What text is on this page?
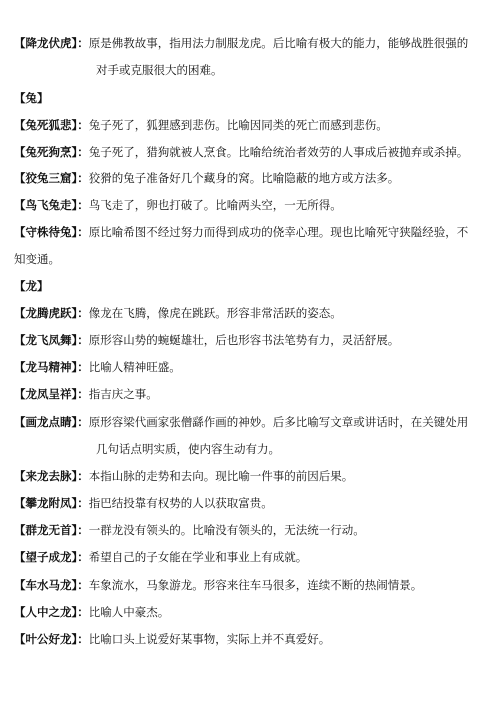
【降龙伏虎】：原是佛教故事，指用法力制服龙虎。后比喻有极大的能力，能够战胜很强的
对手或克服很大的困难。
【兔】
【兔死狐悲】：兔子死了，狐狸感到悲伤。比喻因同类的死亡而感到悲伤。
【兔死狗烹】：兔子死了，猎狗就被人烹食。比喻给统治者效劳的人事成后被抛弃或杀掉。
【狡兔三窟】：狡猾的兔子准备好几个藏身的窝。比喻隐蔽的地方或方法多。
【鸟飞兔走】：鸟飞走了，卵也打破了。比喻两头空，一无所得。
【守株待兔】：原比喻希图不经过努力而得到成功的侥幸心理。现也比喻死守狭隘经验，不
知变通。
【龙】
【龙腾虎跃】：像龙在飞腾，像虎在跳跃。形容非常活跃的姿态。
【龙飞凤舞】：原形容山势的蜿蜒雄壮，后也形容书法笔势有力，灵活舒展。
【龙马精神】：比喻人精神旺盛。
【龙凤呈祥】：指吉庆之事。
【画龙点睛】：原形容梁代画家张僧繇作画的神妙。后多比喻写文章或讲话时，在关键处用
几句话点明实质，使内容生动有力。
【来龙去脉】：本指山脉的走势和去向。现比喻一件事的前因后果。
【攀龙附凤】：指巴结投靠有权势的人以获取富贵。
【群龙无首】：一群龙没有领头的。比喻没有领头的，无法统一行动。
【望子成龙】：希望自己的子女能在学业和事业上有成就。
【车水马龙】：车象流水，马象游龙。形容来往车马很多，连续不断的热闹情景。
【人中之龙】：比喻人中豪杰。
【叶公好龙】：比喻口头上说爱好某事物，实际上并不真爱好。
